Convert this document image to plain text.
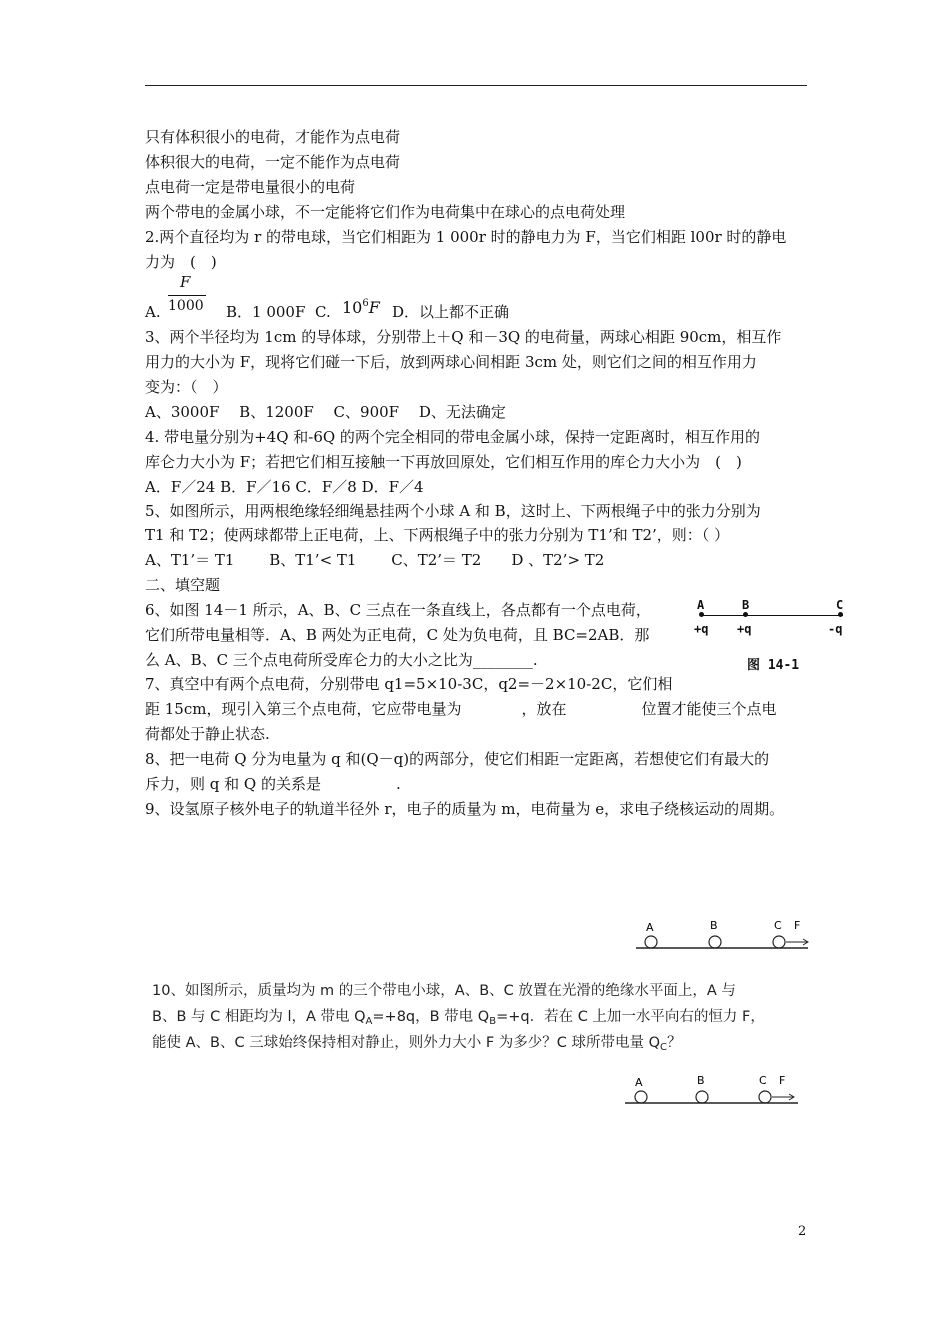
只有体积很小的电荷，才能作为点电荷
体积很大的电荷，一定不能作为点电荷
点电荷一定是带电量很小的电荷
两个带电的金属小球，不一定能将它们作为电荷集中在球心的点电荷处理
2.两个直径均为 r 的带电球，当它们相距为 1 000r 时的静电力为 F，当它们相距 l00r 时的静电
力为　(　)
A.
F
1000 B．1 000F C. $10^6F$ D．以上都不正确
3、两个半径均为 1cm 的导体球，分别带上＋Q 和－3Q 的电荷量，两球心相距 90cm，相互作
用力的大小为 F，现将它们碰一下后，放到两球心间相距 3cm 处，则它们之间的相互作用力
变为：（　）
A、3000F　 B、1200F　 C、900F　 D、无法确定
4. 带电量分别为+4Q 和-6Q 的两个完全相同的带电金属小球，保持一定距离时，相互作用的
库仑力大小为 F；若把它们相互接触一下再放回原处，它们相互作用的库仑力大小为　(　)
A．F／24 B．F／16 C．F／8 D．F／4
5、如图所示，用两根绝缘轻细绳悬挂两个小球 A 和 B，这时上、下两根绳子中的张力分别为
T1 和 T2；使两球都带上正电荷，上、下两根绳子中的张力分别为 T1’和 T2’，则：（ ）
A、T1’＝ T1　　 B、T1’< T1　　 C、T2’＝ T2　　D 、T2’> T2
二、填空题
6、如图 14－1 所示，A、B、C 三点在一条直线上，各点都有一个点电荷，
它们所带电量相等．A、B 两处为正电荷，C 处为负电荷，且 BC=2AB．那
么 A、B、C 三个点电荷所受库仑力的大小之比为________.
A	B	C
+q +q	-q
图 14-1
7、真空中有两个点电荷，分别带电 q1=5×10-3C，q2=－2×10-2C，它们相
距 15cm，现引入第三个点电荷，它应带电量为　　　　，放在　　　　　位置才能使三个点电
荷都处于静止状态.
8、把一电荷 Q 分为电量为 q 和(Q－q)的两部分，使它们相距一定距离，若想使它们有最大的
斥力，则 q 和 Q 的关系是　　　　　.
9、设氢原子核外电子的轨道半径外 r，电子的质量为 m，电荷量为 e，求电子绕核运动的周期。
A	B	C F
10、如图所示，质量均为 m 的三个带电小球，A、B、C 放置在光滑的绝缘水平面上，A 与
B、B 与 C 相距均为 l，A 带电 $Q_A=+8q$，B 带电 $Q_B=+q$．若在 C 上加一水平向右的恒力 F，
能使 A、B、C 三球始终保持相对静止，则外力大小 F 为多少？C 球所带电量 $Q_C$？
A	B	C F
2
